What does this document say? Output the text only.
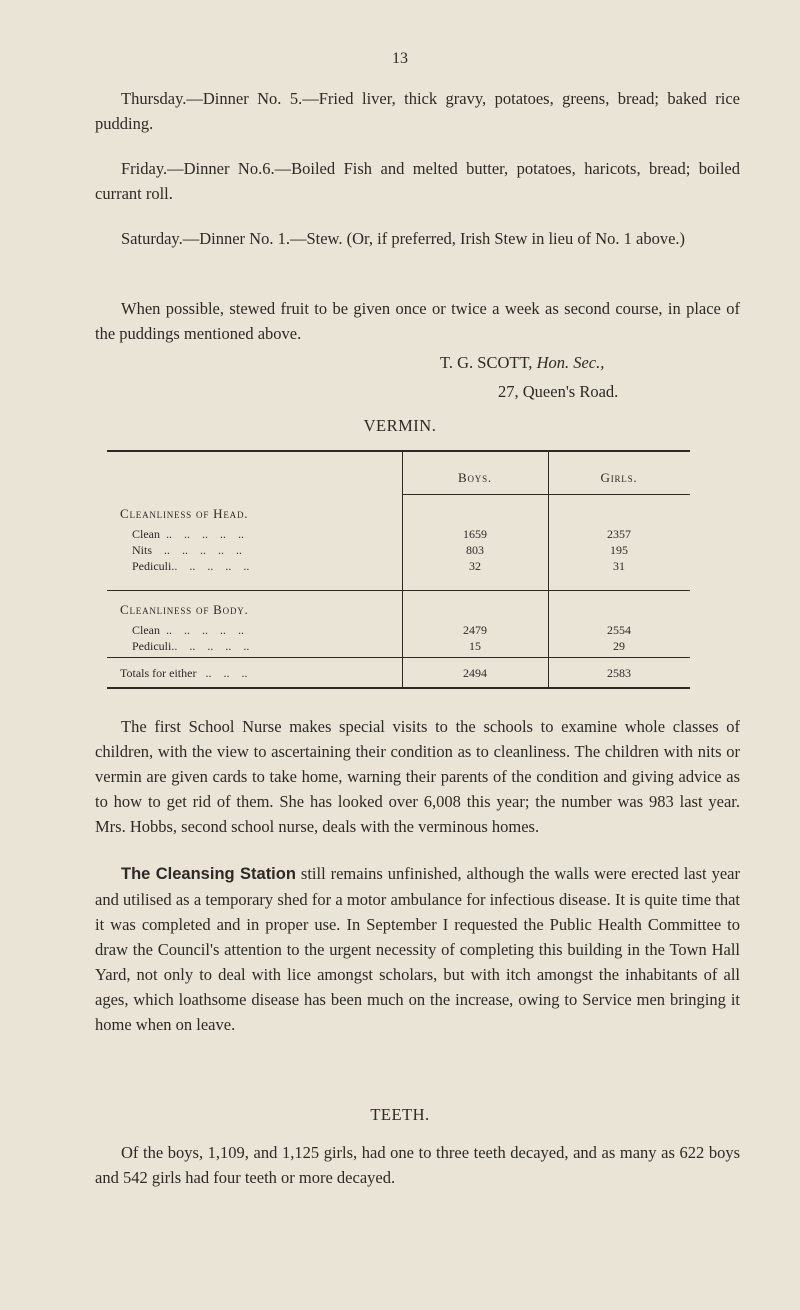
13
Thursday.—Dinner No. 5.—Fried liver, thick gravy, potatoes, greens, bread; baked rice pudding.
Friday.—Dinner No.6.—Boiled Fish and melted butter, potatoes, haricots, bread; boiled currant roll.
Saturday.—Dinner No. 1.—Stew. (Or, if preferred, Irish Stew in lieu of No. 1 above.)
When possible, stewed fruit to be given once or twice a week as second course, in place of the puddings mentioned above.
T. G. SCOTT, Hon. Sec.,
27, Queen's Road.
VERMIN.
Boys.	Girls.
Cleanliness of Head.
Clean  ..    ..    ..    ..    ..	1659	2357
Nits    ..    ..    ..    ..    ..	803	195
Pediculi..    ..    ..    ..    ..	32	31
Cleanliness of Body.
Clean  ..    ..    ..    ..    ..	2479	2554
Pediculi..    ..    ..    ..    ..	15	29
Totals for either   ..    ..    ..	2494	2583
The first School Nurse makes special visits to the schools to examine whole classes of children, with the view to ascertaining their condition as to cleanliness. The children with nits or vermin are given cards to take home, warning their parents of the condition and giving advice as to how to get rid of them. She has looked over 6,008 this year; the number was 983 last year. Mrs. Hobbs, second school nurse, deals with the verminous homes.
The Cleansing Station still remains unfinished, although the walls were erected last year and utilised as a temporary shed for a motor ambulance for infectious disease. It is quite time that it was completed and in proper use. In September I requested the Public Health Committee to draw the Council's attention to the urgent necessity of completing this building in the Town Hall Yard, not only to deal with lice amongst scholars, but with itch amongst the inhabitants of all ages, which loathsome disease has been much on the increase, owing to Service men bringing it home when on leave.
TEETH.
Of the boys, 1,109, and 1,125 girls, had one to three teeth decayed, and as many as 622 boys and 542 girls had four teeth or more decayed.
